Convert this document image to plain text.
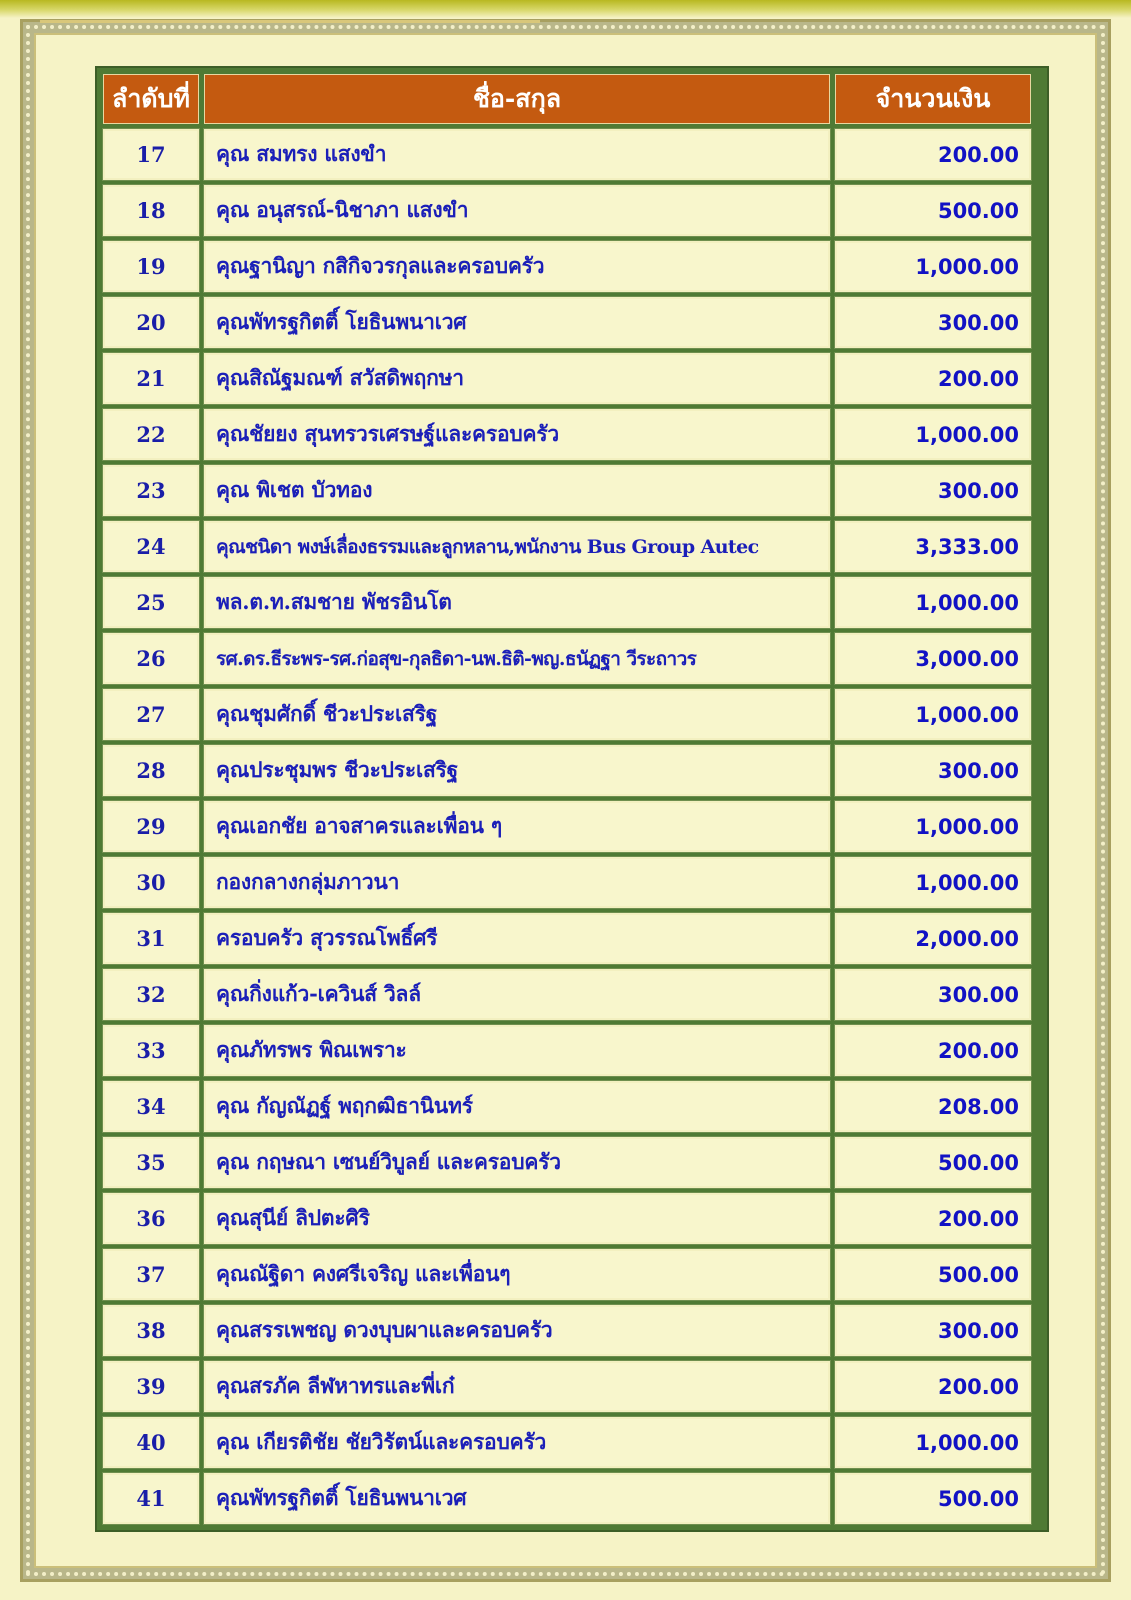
ลำดับที่	ชื่อ-สกุล	จำนวนเงิน
17	คุณ สมทรง แสงขำ	200.00
18	คุณ อนุสรณ์-นิชาภา แสงขำ	500.00
19	คุณฐานิญา กสิกิจวรกุลและครอบครัว	1,000.00
20	คุณพัทรฐกิตติ์ โยธินพนาเวศ	300.00
21	คุณสิณัฐมณฑ์ สวัสดิพฤกษา	200.00
22	คุณชัยยง สุนทรวรเศรษฐ์และครอบครัว	1,000.00
23	คุณ พิเชต บัวทอง	300.00
24	คุณชนิดา พงษ์เลื่องธรรมและลูกหลาน,พนักงาน Bus Group Autec	3,333.00
25	พล.ต.ท.สมชาย พัชรอินโต	1,000.00
26	รศ.ดร.ธีระพร-รศ.ก่อสุข-กุลธิดา-นพ.ธิติ-พญ.ธนัฏฐา วีระถาวร	3,000.00
27	คุณชุมศักดิ์ ชีวะประเสริฐ	1,000.00
28	คุณประชุมพร ชีวะประเสริฐ	300.00
29	คุณเอกชัย อาจสาครและเพื่อน ๆ	1,000.00
30	กองกลางกลุ่มภาวนา	1,000.00
31	ครอบครัว สุวรรณโพธิ์ศรี	2,000.00
32	คุณกิ่งแก้ว-เควินส์ วิลล์	300.00
33	คุณภัทรพร พิณเพราะ	200.00
34	คุณ กัญณัฏฐ์ พฤกฒิธานินทร์	208.00
35	คุณ กฤษณา เซนย์วิบูลย์ และครอบครัว	500.00
36	คุณสุนีย์ ลิปตะศิริ	200.00
37	คุณณัฐิดา คงศรีเจริญ และเพื่อนๆ	500.00
38	คุณสรรเพชญ ดวงบุบผาและครอบครัว	300.00
39	คุณสรภัค ลีฬหาทรและพี่เก๋	200.00
40	คุณ เกียรติชัย ชัยวิรัตน์และครอบครัว	1,000.00
41	คุณพัทรฐกิตติ์ โยธินพนาเวศ	500.00
